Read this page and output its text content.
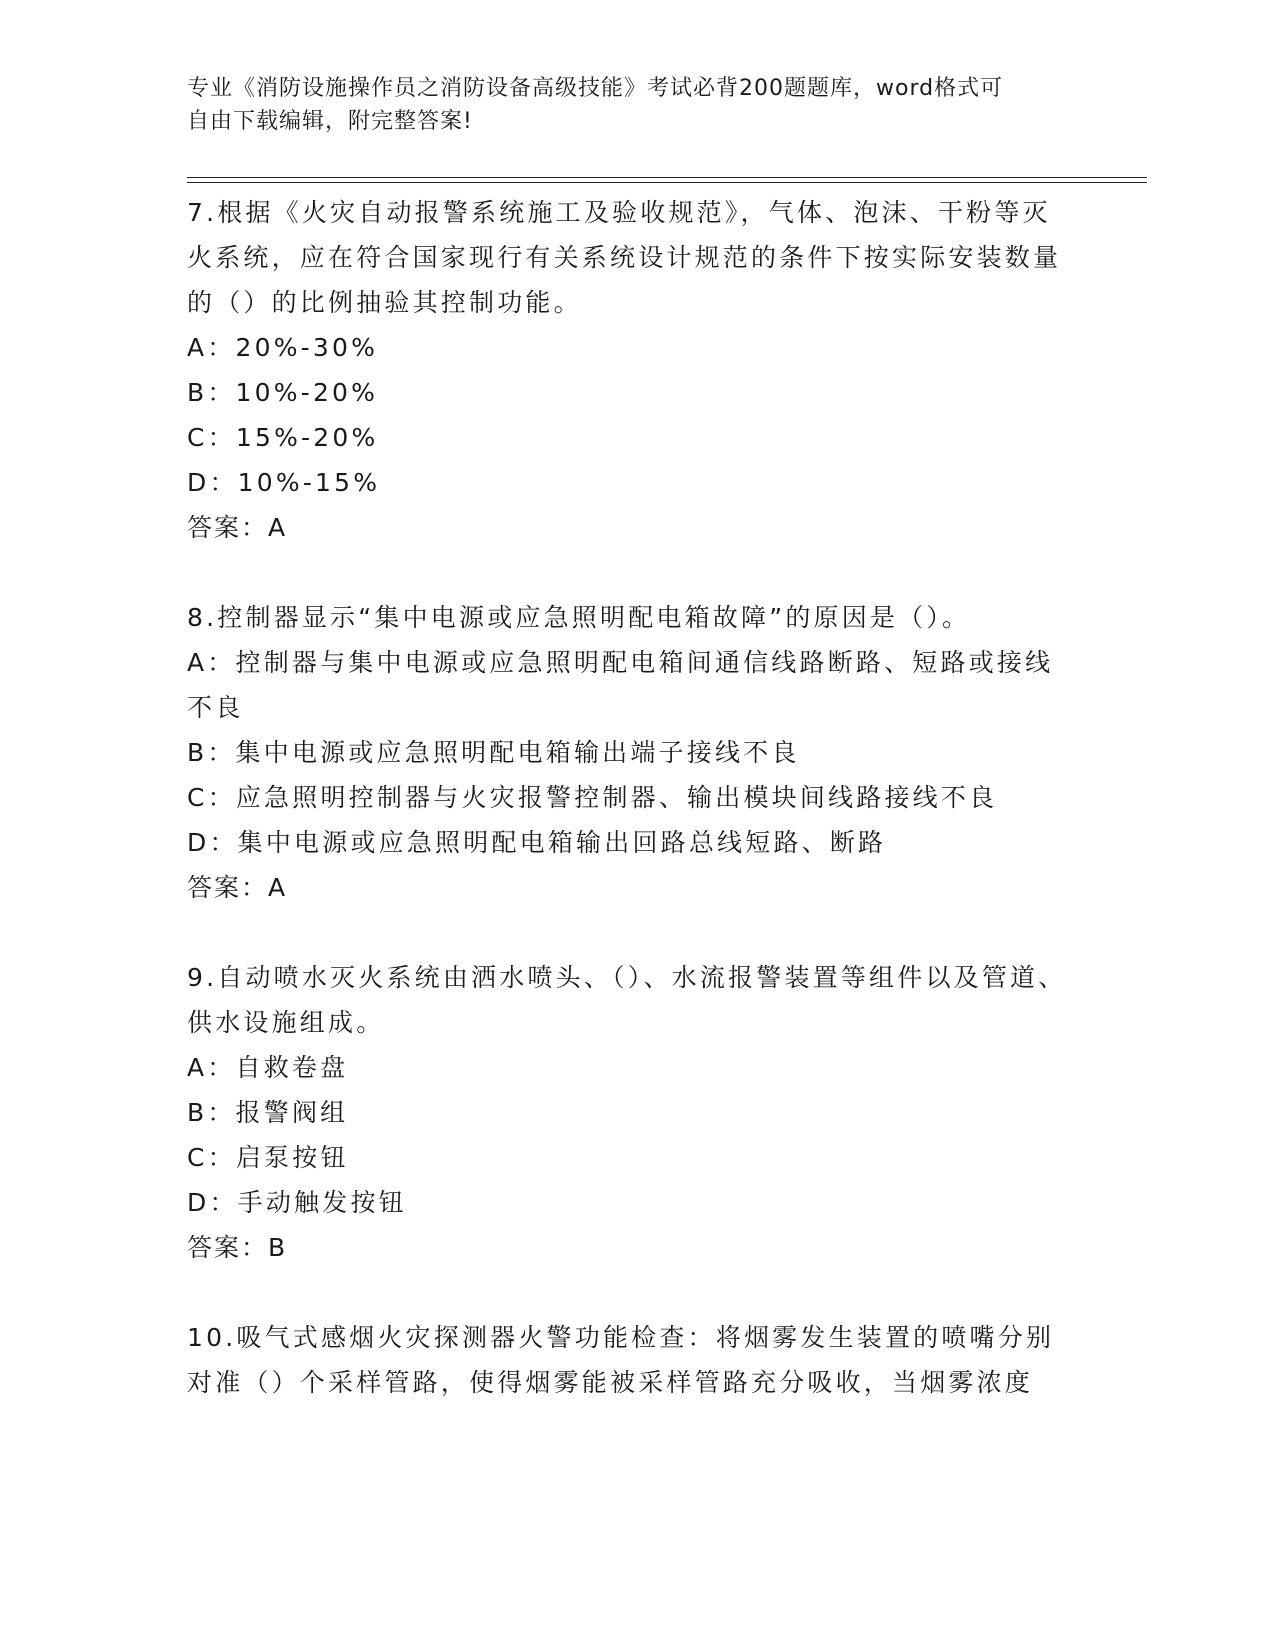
专业《消防设施操作员之消防设备高级技能》考试必背200题题库，word格式可
自由下载编辑，附完整答案!

7.根据《火灾自动报警系统施工及验收规范》，气体、泡沫、干粉等灭火系统，应在符合国家现行有关系统设计规范的条件下按实际安装数量的（）的比例抽验其控制功能。

A：20%-30%

B：10%-20%

C：15%-20%

D：10%-15%

答案：A

8.控制器显示“集中电源或应急照明配电箱故障”的原因是（）。

A：控制器与集中电源或应急照明配电箱间通信线路断路、短路或接线不良

B：集中电源或应急照明配电箱输出端子接线不良

C：应急照明控制器与火灾报警控制器、输出模块间线路接线不良

D：集中电源或应急照明配电箱输出回路总线短路、断路

答案：A

9.自动喷水灭火系统由洒水喷头、（）、水流报警装置等组件以及管道、供水设施组成。

A：自救卷盘

B：报警阀组

C：启泵按钮

D：手动触发按钮

答案：B

10.吸气式感烟火灾探测器火警功能检查：将烟雾发生装置的喷嘴分别对准（）个采样管路，使得烟雾能被采样管路充分吸收，当烟雾浓度
